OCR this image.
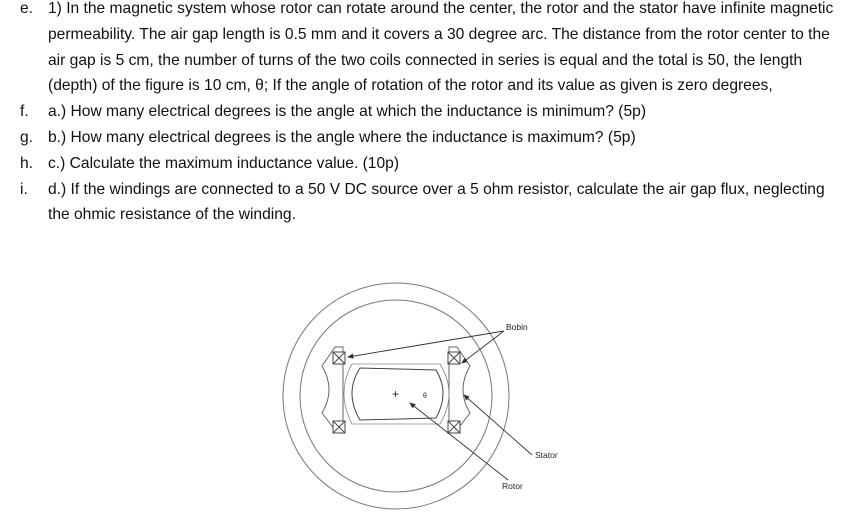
e. 1) In the magnetic system whose rotor can rotate around the center, the rotor and the stator have infinite magnetic permeability. The air gap length is 0.5 mm and it covers a 30 degree arc. The distance from the rotor center to the air gap is 5 cm, the number of turns of the two coils connected in series is equal and the total is 50, the length (depth) of the figure is 10 cm, θ; If the angle of rotation of the rotor and its value as given is zero degrees,
f. a.) How many electrical degrees is the angle at which the inductance is minimum? (5p)
g. b.) How many electrical degrees is the angle where the inductance is maximum? (5p)
h. c.) Calculate the maximum inductance value. (10p)
i. d.) If the windings are connected to a 50 V DC source over a 5 ohm resistor, calculate the air gap flux, neglecting the ohmic resistance of the winding.
+	θ
Bobin
Stator
Rotor
